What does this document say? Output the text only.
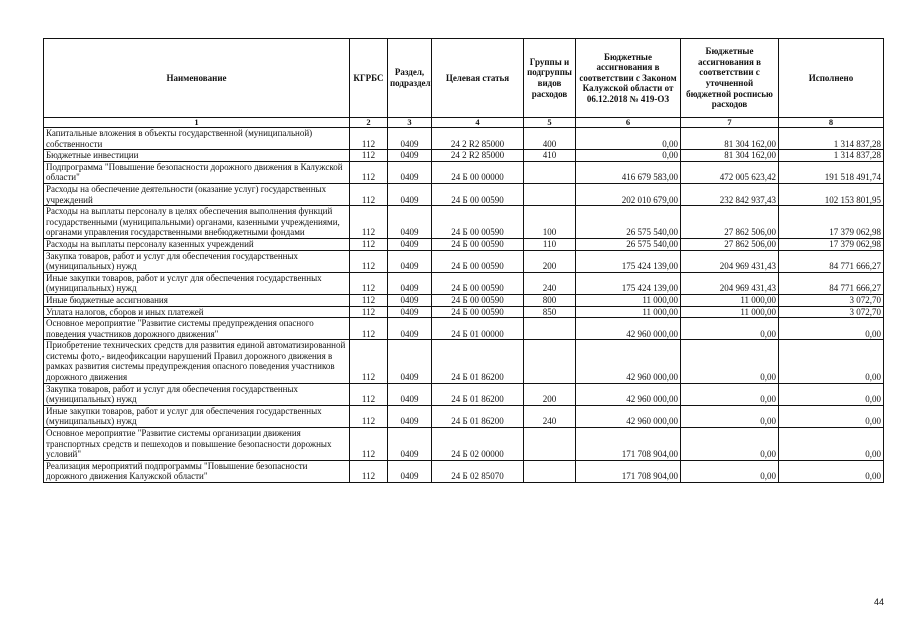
Наименование	КГРБС	Раздел, подраздел	Целевая статья	Группы и подгруппы видов расходов	Бюджетные ассигнования в соответствии с Законом Калужской области от 06.12.2018 № 419-ОЗ	Бюджетные ассигнования в соответствии с уточненной бюджетной росписью расходов	Исполнено
1	2	3	4	5	6	7	8
Капитальные вложения в объекты государственной (муниципальной) собственности	112	0409	24 2 R2 85000	400	0,00	81 304 162,00	1 314 837,28
Бюджетные инвестиции	112	0409	24 2 R2 85000	410	0,00	81 304 162,00	1 314 837,28
Подпрограмма "Повышение безопасности дорожного движения в Калужской области"	112	0409	24 Б 00 00000		416 679 583,00	472 005 623,42	191 518 491,74
Расходы на обеспечение деятельности (оказание услуг) государственных учреждений	112	0409	24 Б 00 00590		202 010 679,00	232 842 937,43	102 153 801,95
Расходы на выплаты персоналу в целях обеспечения выполнения функций государственными (муниципальными) органами, казенными учреждениями, органами управления государственными внебюджетными фондами	112	0409	24 Б 00 00590	100	26 575 540,00	27 862 506,00	17 379 062,98
Расходы на выплаты персоналу казенных учреждений	112	0409	24 Б 00 00590	110	26 575 540,00	27 862 506,00	17 379 062,98
Закупка товаров, работ и услуг для обеспечения государственных (муниципальных) нужд	112	0409	24 Б 00 00590	200	175 424 139,00	204 969 431,43	84 771 666,27
Иные закупки товаров, работ и услуг для обеспечения государственных (муниципальных) нужд	112	0409	24 Б 00 00590	240	175 424 139,00	204 969 431,43	84 771 666,27
Иные бюджетные ассигнования	112	0409	24 Б 00 00590	800	11 000,00	11 000,00	3 072,70
Уплата налогов, сборов и иных платежей	112	0409	24 Б 00 00590	850	11 000,00	11 000,00	3 072,70
Основное мероприятие "Развитие системы предупреждения опасного поведения участников дорожного движения"	112	0409	24 Б 01 00000		42 960 000,00	0,00	0,00
Приобретение технических средств для развития единой автоматизированной системы фото,- видеофиксации нарушений Правил дорожного движения в рамках развития системы предупреждения опасного поведения участников дорожного движения	112	0409	24 Б 01 86200		42 960 000,00	0,00	0,00
Закупка товаров, работ и услуг для обеспечения государственных (муниципальных) нужд	112	0409	24 Б 01 86200	200	42 960 000,00	0,00	0,00
Иные закупки товаров, работ и услуг для обеспечения государственных (муниципальных) нужд	112	0409	24 Б 01 86200	240	42 960 000,00	0,00	0,00
Основное мероприятие "Развитие системы организации движения транспортных средств и пешеходов и повышение безопасности дорожных условий"	112	0409	24 Б 02 00000		171 708 904,00	0,00	0,00
Реализация мероприятий подпрограммы "Повышение безопасности дорожного движения Калужской области"	112	0409	24 Б 02 85070		171 708 904,00	0,00	0,00
44
